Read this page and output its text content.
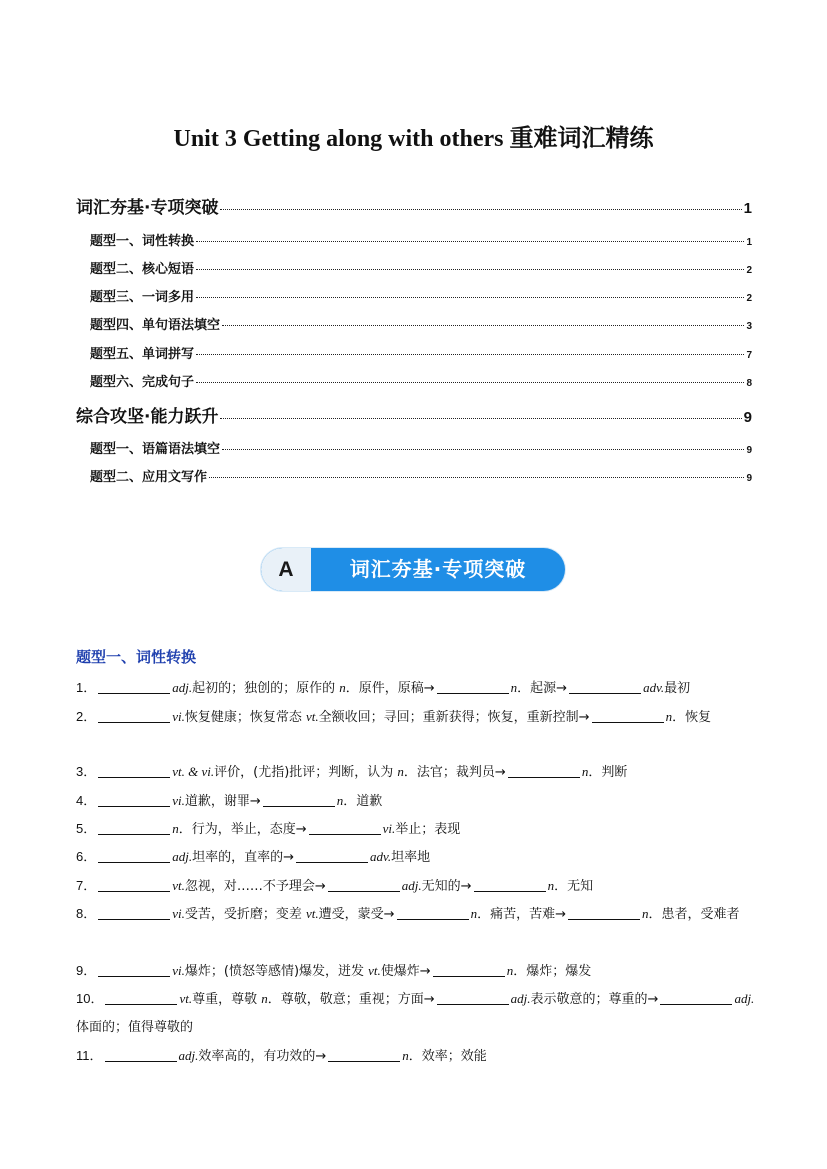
Unit 3 Getting along with others 重难词汇精练
A	词汇夯基·专项突破
题型一、词性转换
词汇夯基·专项突破	1
题型一、词性转换	1
题型二、核心短语	2
题型三、一词多用	2
题型四、单句语法填空	3
题型五、单词拼写	7
题型六、完成句子	8
综合攻坚·能力跃升	9
题型一、语篇语法填空	9
题型二、应用文写作	9
1．	adj.起初的；独创的；原作的 n．原件，原稿→	n．起源→	adv.最初
2．	vi.恢复健康；恢复常态 vt.全额收回；寻回；重新获得；恢复，重新控制→	n．恢复
3．	vt. & vi.评价，(尤指)批评；判断，认为 n．法官；裁判员→	n．判断
4．	vi.道歉，谢罪→	n．道歉
5．	n．行为，举止，态度→	vi.举止；表现
6．	adj.坦率的，直率的→	adv.坦率地
7．	vt.忽视，对……不予理会→	adj.无知的→	n．无知
8．	vi.受苦，受折磨；变差 vt.遭受，蒙受→	n．痛苦，苦难→	n．患者，受难者
9．	vi.爆炸；(愤怒等感情)爆发，迸发 vt.使爆炸→	n．爆炸；爆发
10．	vt.尊重，尊敬 n．尊敬，敬意；重视；方面→	adj.表示敬意的；尊重的→	adj.体面的；值得尊敬的
11．	adj.效率高的，有功效的→	n．效率；效能
